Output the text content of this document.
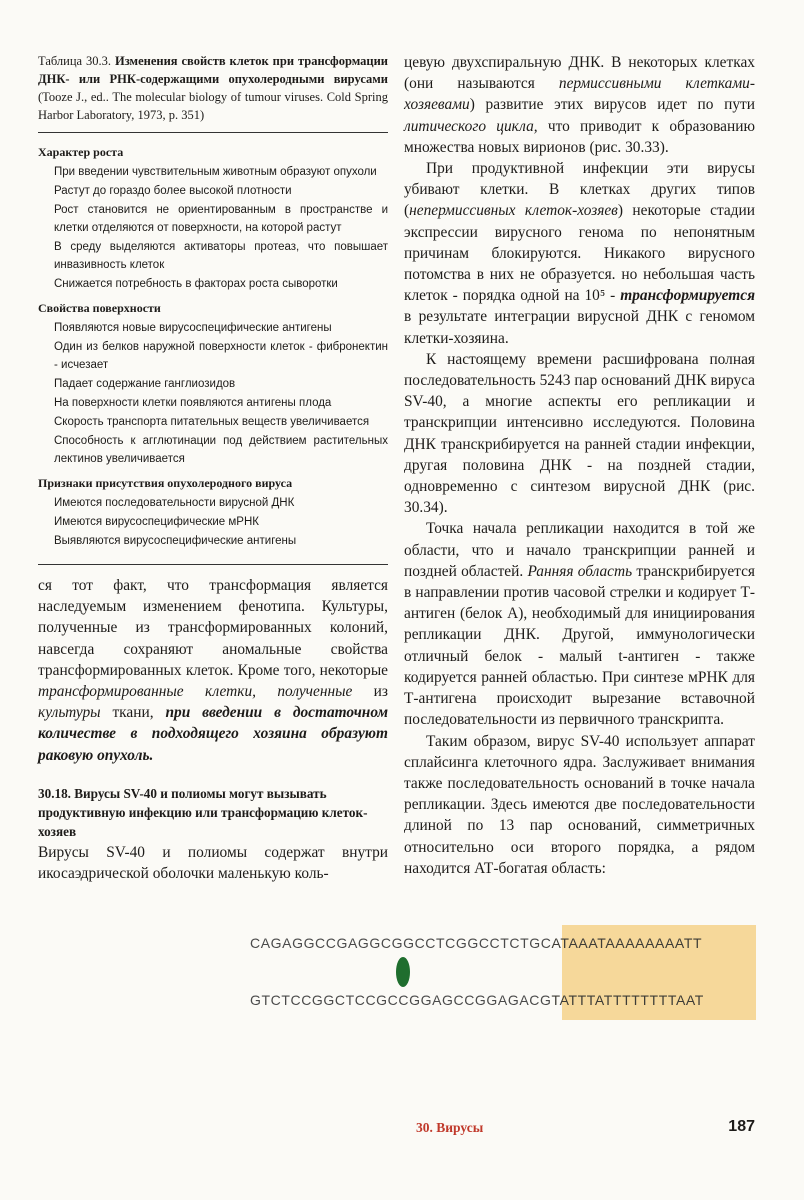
Таблица 30.3. Изменения свойств клеток при трансформации ДНК- или РНК-содержащими опухолеродными вирусами (Tooze J., ed.. The molecular biology of tumour viruses. Cold Spring Harbor Laboratory, 1973, p. 351)

Характер роста
При введении чувствительным животным образуют опухоли
Растут до гораздо более высокой плотности
Рост становится не ориентированным в пространстве и клетки отделяются от поверхности, на которой растут
В среду выделяются активаторы протеаз, что повышает инвазивность клеток
Снижается потребность в факторах роста сыворотки
Свойства поверхности
Появляются новые вирусоспецифические антигены
Один из белков наружной поверхности клеток - фибронектин - исчезает
Падает содержание ганглиозидов
На поверхности клетки появляются антигены плода
Скорость транспорта питательных веществ увеличивается
Способность к агглютинации под действием растительных лектинов увеличивается
Признаки присутствия опухолеродного вируса
Имеются последовательности вирусной ДНК
Имеются вирусоспецифические мРНК
Выявляются вирусоспецифические антигены

ся тот факт, что трансформация является наследуемым изменением фенотипа. Культуры, полученные из трансформированных колоний, навсегда сохраняют аномальные свойства трансформированных клеток. Кроме того, некоторые трансформированные клетки, полученные из культуры ткани, при введении в достаточном количестве в подходящего хозяина образуют раковую опухоль.

30.18. Вирусы SV-40 и полиомы могут вызывать продуктивную инфекцию или трансформацию клеток-хозяев

Вирусы SV-40 и полиомы содержат внутри икосаэдрической оболочки маленькую коль-

цевую двухспиральную ДНК. В некоторых клетках (они называются пермиссивными клетками-хозяевами) развитие этих вирусов идет по пути литического цикла, что приводит к образованию множества новых вирионов (рис. 30.33).

При продуктивной инфекции эти вирусы убивают клетки. В клетках других типов (непермиссивных клеток-хозяев) некоторые стадии экспрессии вирусного генома по непонятным причинам блокируются. Никакого вирусного потомства в них не образуется. но небольшая часть клеток - порядка одной на 10⁵ - трансформируется в результате интеграции вирусной ДНК с геномом клетки-хозяина.

К настоящему времени расшифрована полная последовательность 5243 пар оснований ДНК вируса SV-40, а многие аспекты его репликации и транскрипции интенсивно исследуются. Половина ДНК транскрибируется на ранней стадии инфекции, другая половина ДНК - на поздней стадии, одновременно с синтезом вирусной ДНК (рис. 30.34).

Точка начала репликации находится в той же области, что и начало транскрипции ранней и поздней областей. Ранняя область транскрибируется в направлении против часовой стрелки и кодирует Т-антиген (белок А), необходимый для инициирования репликации ДНК. Другой, иммунологически отличный белок - малый t-антиген - также кодируется ранней областью. При синтезе мРНК для Т-антигена происходит вырезание вставочной последовательности из первичного транскрипта.

Таким образом, вирус SV-40 использует аппарат сплайсинга клеточного ядра. Заслуживает внимания также последовательность оснований в точке начала репликации. Здесь имеются две последовательности длиной по 13 пар оснований, симметричных относительно оси второго порядка, а рядом находится АТ-богатая область:

CAGAGGCCGAGGCGGCCTCGGCCTCTGCATAAATAAAAAAAATT
GTCTCCGGCTCCGCCGGAGCCGGAGACGTATTTATTTTTTTTAAT
30. Вирусы	187
